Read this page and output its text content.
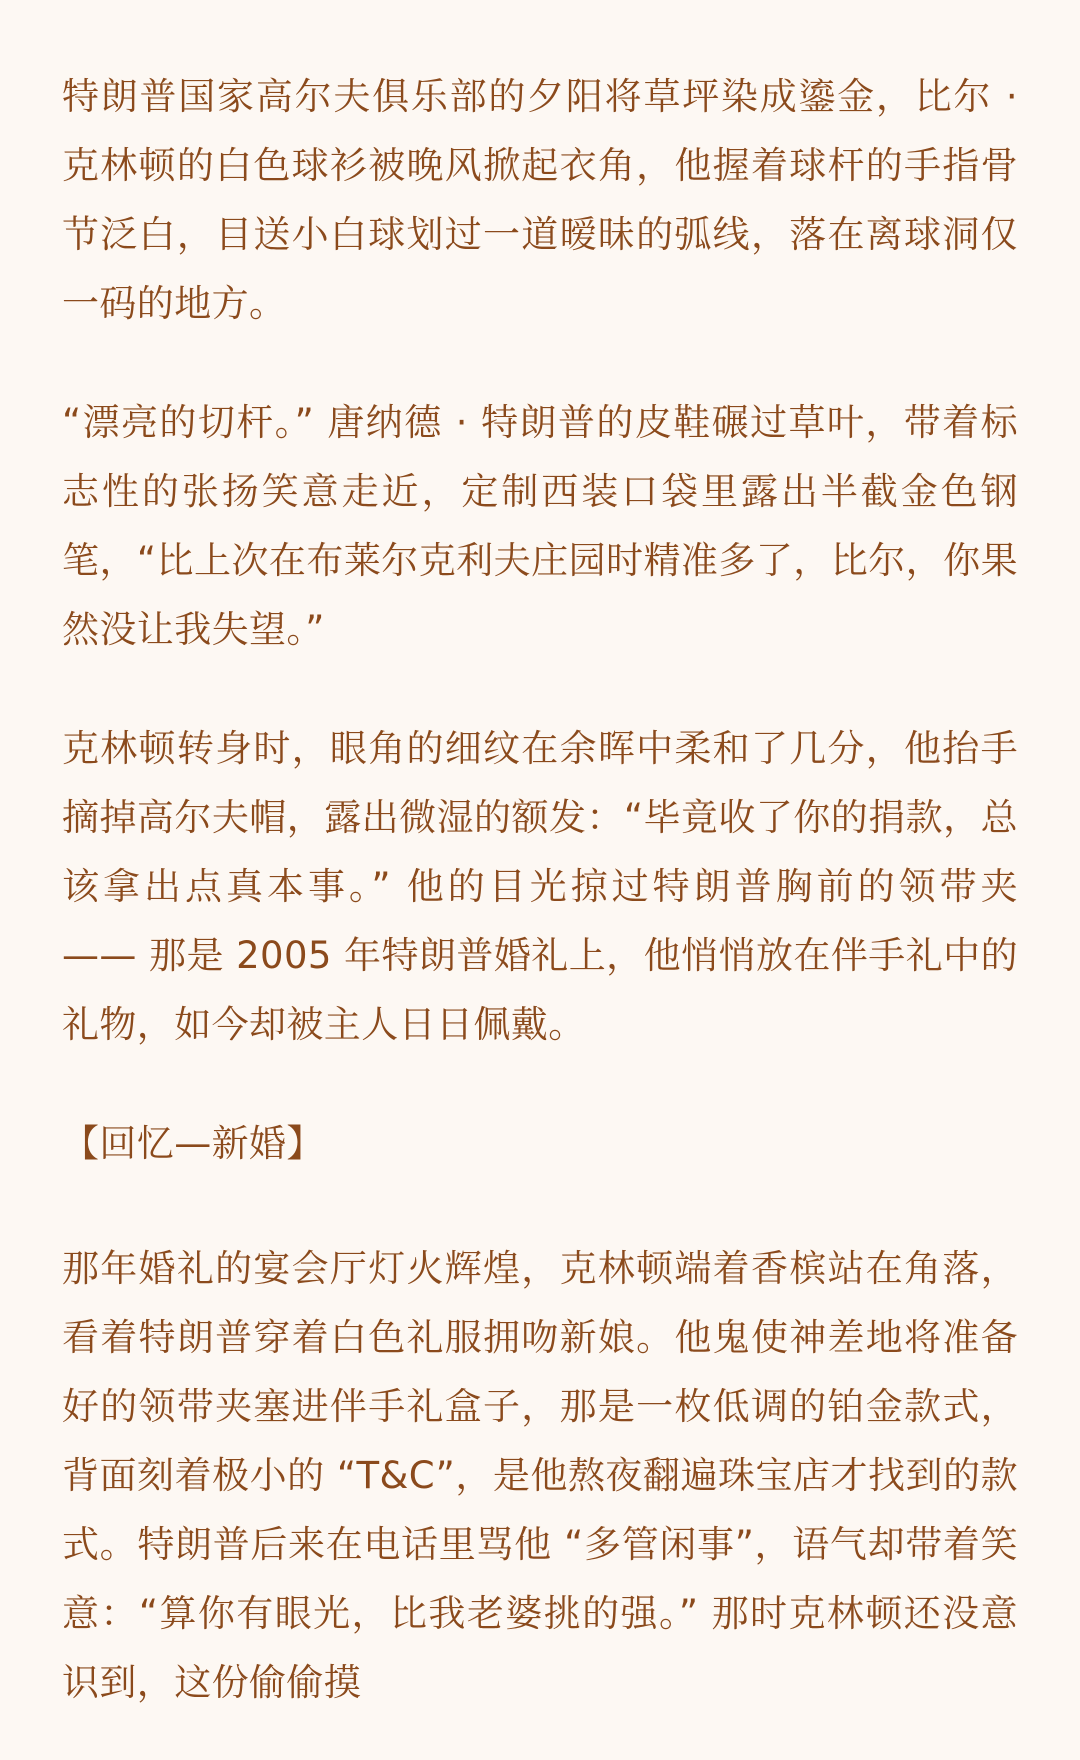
特朗普国家高尔夫俱乐部的夕阳将草坪染成鎏金，比尔 · 克林顿的白色球衫被晚风掀起衣角，他握着球杆的手指骨节泛白，目送小白球划过一道暧昧的弧线，落在离球洞仅一码的地方。

“漂亮的切杆。” 唐纳德 · 特朗普的皮鞋碾过草叶，带着标志性的张扬笑意走近，定制西装口袋里露出半截金色钢笔，“比上次在布莱尔克利夫庄园时精准多了，比尔，你果然没让我失望。”

克林顿转身时，眼角的细纹在余晖中柔和了几分，他抬手摘掉高尔夫帽，露出微湿的额发：“毕竟收了你的捐款，总该拿出点真本事。” 他的目光掠过特朗普胸前的领带夹 —— 那是 2005 年特朗普婚礼上，他悄悄放在伴手礼中的礼物，如今却被主人日日佩戴。

【回忆—新婚】

那年婚礼的宴会厅灯火辉煌，克林顿端着香槟站在角落，看着特朗普穿着白色礼服拥吻新娘。他鬼使神差地将准备好的领带夹塞进伴手礼盒子，那是一枚低调的铂金款式，背面刻着极小的 “T&C”，是他熬夜翻遍珠宝店才找到的款式。特朗普后来在电话里骂他 “多管闲事”，语气却带着笑意：“算你有眼光，比我老婆挑的强。” 那时克林顿还没意识到，这份偷偷摸
